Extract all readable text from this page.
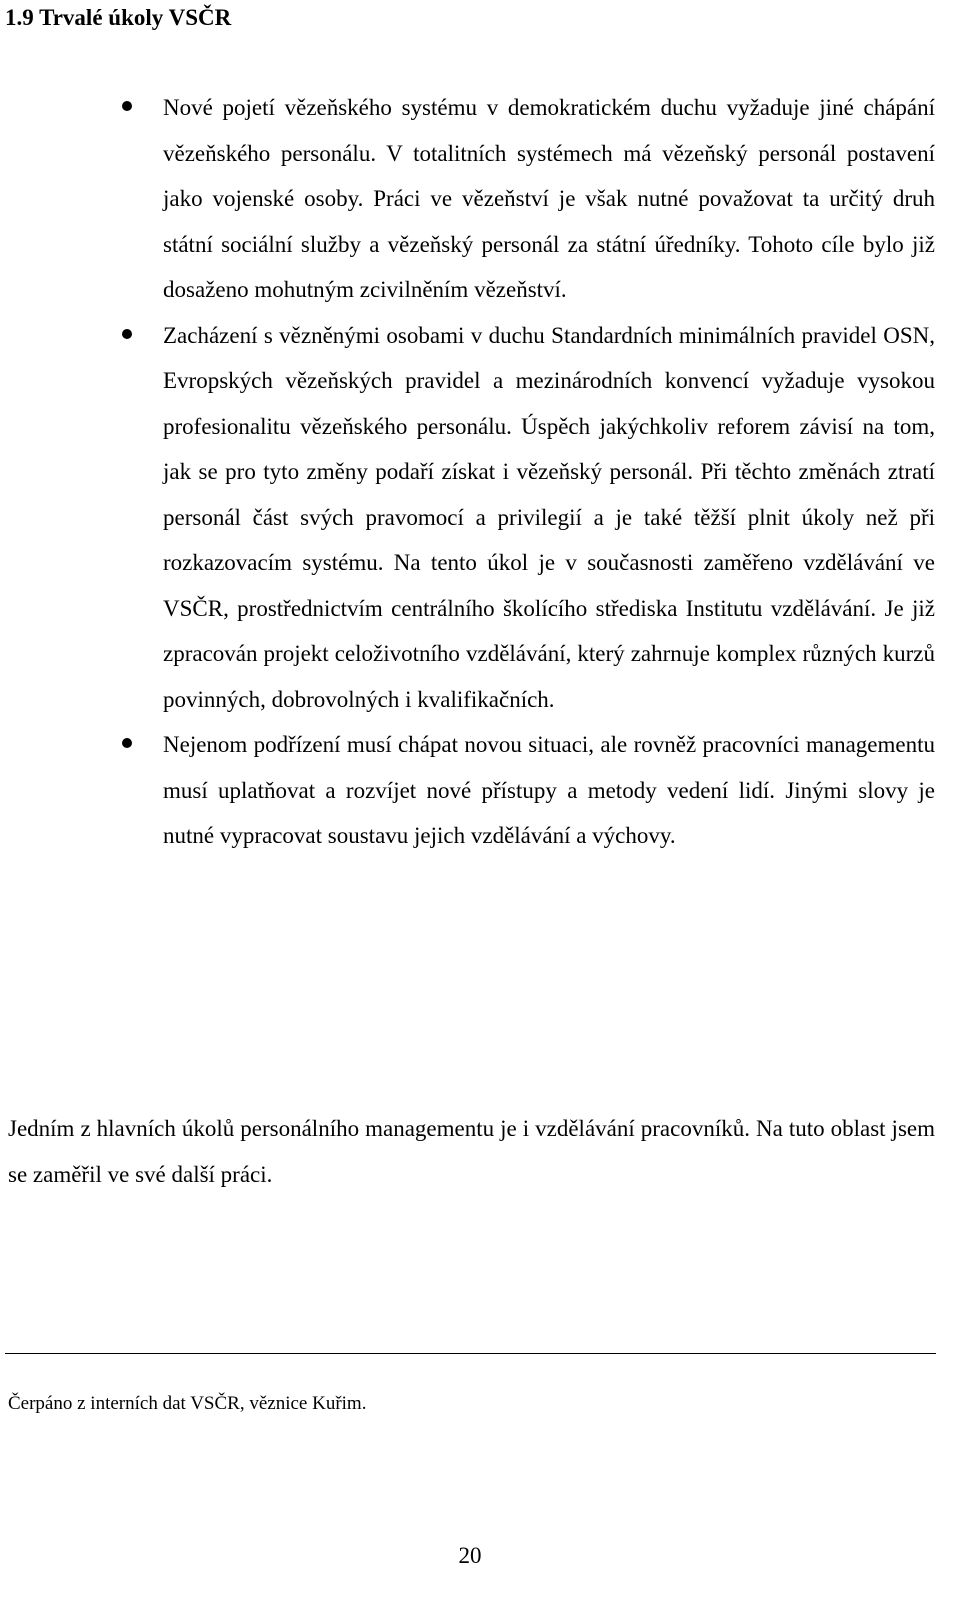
1.9 Trvalé úkoly VSČR

Nové pojetí vězeňského systému v demokratickém duchu vyžaduje jiné chápání vězeňského personálu. V totalitních systémech má vězeňský personál postavení jako vojenské osoby. Práci ve vězeňství je však nutné považovat ta určitý druh státní sociální služby a vězeňský personál za státní úředníky. Tohoto cíle bylo již dosaženo mohutným zcivilněním vězeňství.

Zacházení s vězněnými osobami v duchu Standardních minimálních pravidel OSN, Evropských vězeňských pravidel a mezinárodních konvencí vyžaduje vysokou profesionalitu vězeňského personálu. Úspěch jakýchkoliv reforem závisí na tom, jak se pro tyto změny podaří získat i vězeňský personál. Při těchto změnách ztratí personál část svých pravomocí a privilegií a je také těžší plnit úkoly než při rozkazovacím systému. Na tento úkol je v současnosti zaměřeno vzdělávání ve VSČR, prostřednictvím centrálního školícího střediska Institutu vzdělávání. Je již zpracován projekt celoživotního vzdělávání, který zahrnuje komplex různých kurzů povinných, dobrovolných i kvalifikačních.

Nejenom podřízení musí chápat novou situaci, ale rovněž pracovníci managementu musí uplatňovat a rozvíjet nové přístupy a metody vedení lidí. Jinými slovy je nutné vypracovat soustavu jejich vzdělávání a výchovy.

Jedním z hlavních úkolů personálního managementu je i vzdělávání pracovníků. Na tuto oblast jsem se zaměřil ve své další práci.

Čerpáno z interních dat VSČR, věznice Kuřim.

20
